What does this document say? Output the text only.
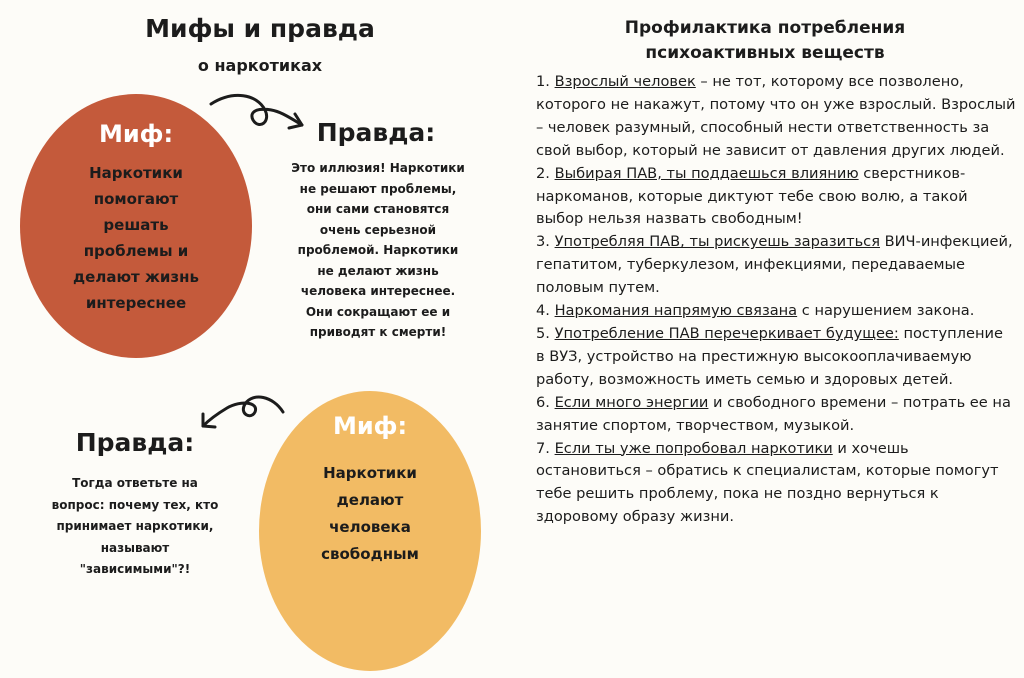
Мифы и правда
о наркотиках
Миф:
Наркотики
помогают
решать
проблемы и
делают жизнь
интереснее
Правда:
Это иллюзия! Наркотики
не решают проблемы,
они сами становятся
очень серьезной
проблемой. Наркотики
не делают жизнь
человека интереснее.
Они сокращают ее и
приводят к смерти!
Правда:
Тогда ответьте на
вопрос: почему тех, кто
принимает наркотики,
называют
"зависимыми"?!
Миф:
Наркотики
делают
человека
свободным
Профилактика потребления
психоактивных веществ

1. Взрослый человек – не тот, которому все позволено, которого не накажут, потому что он уже взрослый. Взрослый – человек разумный, способный нести ответственность за свой выбор, который не зависит от давления других людей.

2. Выбирая ПАВ, ты поддаешься влиянию сверстников-наркоманов, которые диктуют тебе свою волю, а такой выбор нельзя назвать свободным!

3. Употребляя ПАВ, ты рискуешь заразиться ВИЧ-инфекцией, гепатитом, туберкулезом, инфекциями, передаваемые половым путем.

4. Наркомания напрямую связана с нарушением закона.

5. Употребление ПАВ перечеркивает будущее: поступление в ВУЗ, устройство на престижную высокооплачиваемую работу, возможность иметь семью и здоровых детей.

6. Если много энергии и свободного времени – потрать ее на занятие спортом, творчеством, музыкой.

7. Если ты уже попробовал наркотики и хочешь остановиться – обратись к специалистам, которые помогут тебе решить проблему, пока не поздно вернуться к здоровому образу жизни.
